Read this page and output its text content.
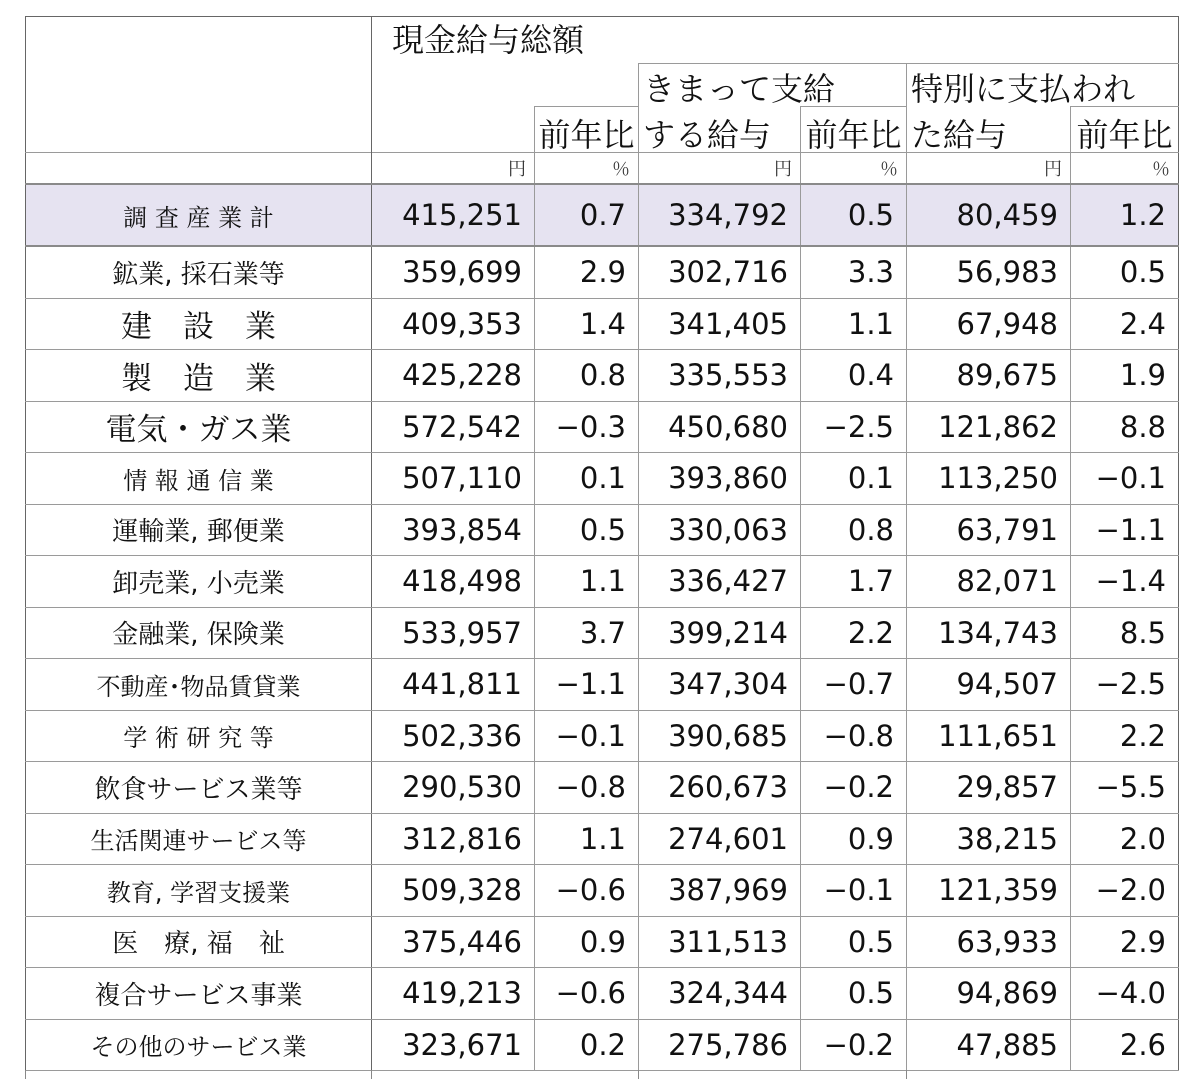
	現金給与総額					
			きまって支給		特別に支払われ	
		前年比	する給与	前年比	た給与	前年比
	円	％	円	％	円	％
調 査 産 業 計	415,251	0.7	334,792	0.5	80,459	1.2
鉱業, 採石業等	359,699	2.9	302,716	3.3	56,983	0.5
建　設　業	409,353	1.4	341,405	1.1	67,948	2.4
製　造　業	425,228	0.8	335,553	0.4	89,675	1.9
電気・ガス業	572,542	−0.3	450,680	−2.5	121,862	8.8
情 報 通 信 業	507,110	0.1	393,860	0.1	113,250	−0.1
運輸業, 郵便業	393,854	0.5	330,063	0.8	63,791	−1.1
卸売業, 小売業	418,498	1.1	336,427	1.7	82,071	−1.4
金融業, 保険業	533,957	3.7	399,214	2.2	134,743	8.5
不動産･物品賃貸業	441,811	−1.1	347,304	−0.7	94,507	−2.5
学 術 研 究 等	502,336	−0.1	390,685	−0.8	111,651	2.2
飲食サービス業等	290,530	−0.8	260,673	−0.2	29,857	−5.5
生活関連サービス等	312,816	1.1	274,601	0.9	38,215	2.0
教育, 学習支援業	509,328	−0.6	387,969	−0.1	121,359	−2.0
医　療, 福　祉	375,446	0.9	311,513	0.5	63,933	2.9
複合サービス事業	419,213	−0.6	324,344	0.5	94,869	−4.0
その他のサービス業	323,671	0.2	275,786	−0.2	47,885	2.6
